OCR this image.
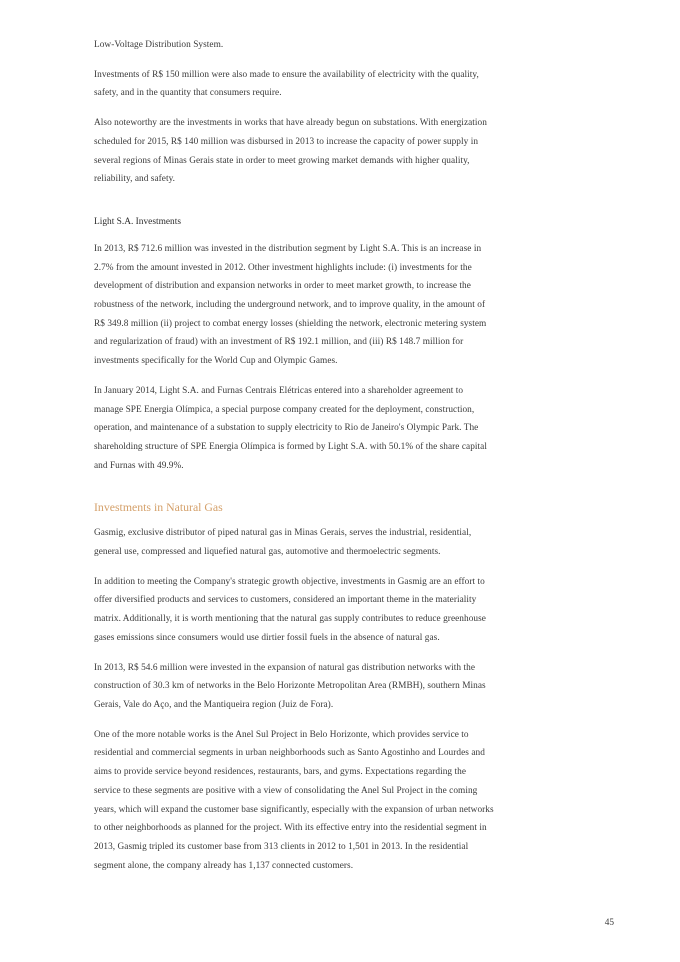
Low-Voltage Distribution System.

Investments of R$ 150 million were also made to ensure the availability of electricity with the quality, safety, and in the quantity that consumers require.

Also noteworthy are the investments in works that have already begun on substations. With energization scheduled for 2015, R$ 140 million was disbursed in 2013 to increase the capacity of power supply in several regions of Minas Gerais state in order to meet growing market demands with higher quality, reliability, and safety.

Light S.A. Investments

In 2013, R$ 712.6 million was invested in the distribution segment by Light S.A. This is an increase in 2.7% from the amount invested in 2012. Other investment highlights include: (i) investments for the development of distribution and expansion networks in order to meet market growth, to increase the robustness of the network, including the underground network, and to improve quality, in the amount of R$ 349.8 million (ii) project to combat energy losses (shielding the network, electronic metering system and regularization of fraud) with an investment of R$ 192.1 million, and (iii) R$ 148.7 million for investments specifically for the World Cup and Olympic Games.

In January 2014, Light S.A. and Furnas Centrais Elétricas entered into a shareholder agreement to manage SPE Energia Olímpica, a special purpose company created for the deployment, construction, operation, and maintenance of a substation to supply electricity to Rio de Janeiro's Olympic Park. The shareholding structure of SPE Energia Olímpica is formed by Light S.A. with 50.1% of the share capital and Furnas with 49.9%.

Investments in Natural Gas

Gasmig, exclusive distributor of piped natural gas in Minas Gerais, serves the industrial, residential, general use, compressed and liquefied natural gas, automotive and thermoelectric segments.

In addition to meeting the Company's strategic growth objective, investments in Gasmig are an effort to offer diversified products and services to customers, considered an important theme in the materiality matrix. Additionally, it is worth mentioning that the natural gas supply contributes to reduce greenhouse gases emissions since consumers would use dirtier fossil fuels in the absence of natural gas.

In 2013, R$ 54.6 million were invested in the expansion of natural gas distribution networks with the construction of 30.3 km of networks in the Belo Horizonte Metropolitan Area (RMBH), southern Minas Gerais, Vale do Aço, and the Mantiqueira region (Juiz de Fora).

One of the more notable works is the Anel Sul Project in Belo Horizonte, which provides service to residential and commercial segments in urban neighborhoods such as Santo Agostinho and Lourdes and aims to provide service beyond residences, restaurants, bars, and gyms. Expectations regarding the service to these segments are positive with a view of consolidating the Anel Sul Project in the coming years, which will expand the customer base significantly, especially with the expansion of urban networks to other neighborhoods as planned for the project. With its effective entry into the residential segment in 2013, Gasmig tripled its customer base from 313 clients in 2012 to 1,501 in 2013. In the residential segment alone, the company already has 1,137 connected customers.

45
